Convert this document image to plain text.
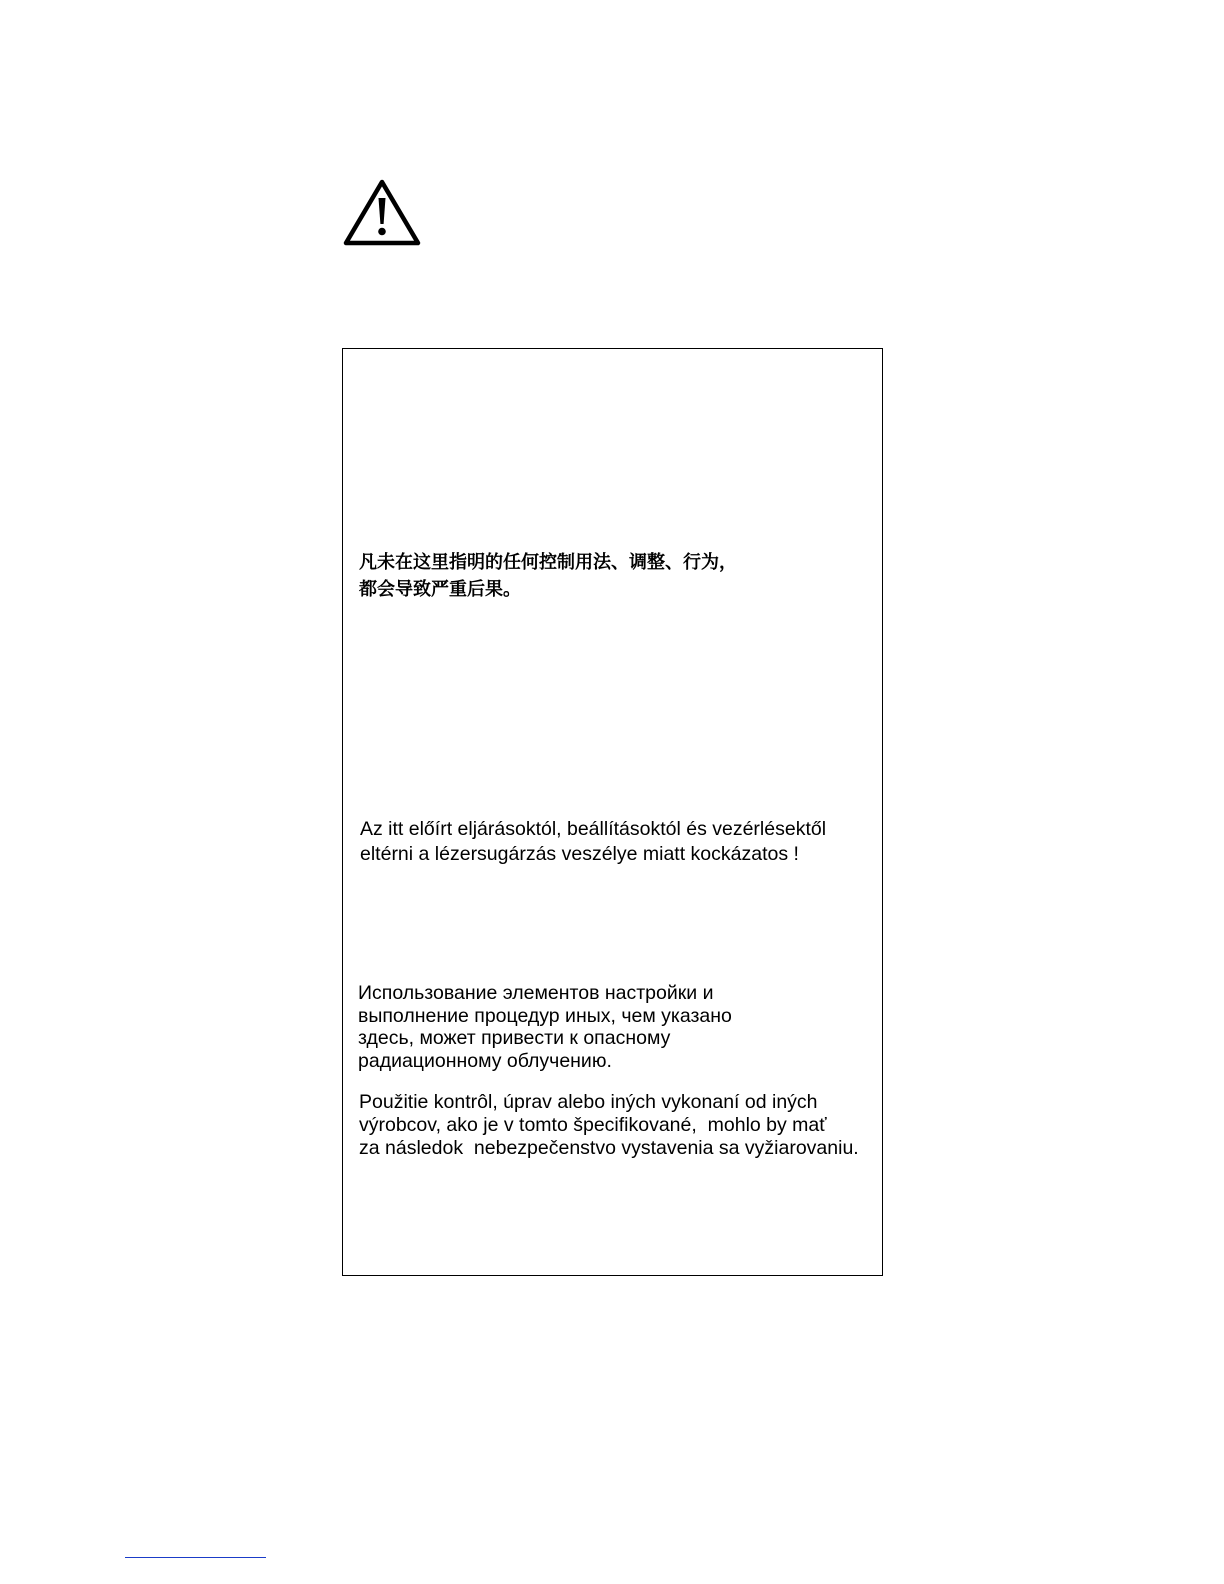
凡未在这里指明的任何控制用法、调整、行为，
都会导致严重后果。

Az itt előírt eljárásoktól, beállításoktól és vezérlésektől
eltérni a lézersugárzás veszélye miatt kockázatos !

Использование элементов настройки и
выполнение процедур иных, чем указано
здесь, может привести к опасному
радиационному облучению.

Použitie kontrôl, úprav alebo iných vykonaní od iných
výrobcov, ako je v tomto špecifikované,  mohlo by mať
za následok  nebezpečenstvo vystavenia sa vyžiarovaniu.
